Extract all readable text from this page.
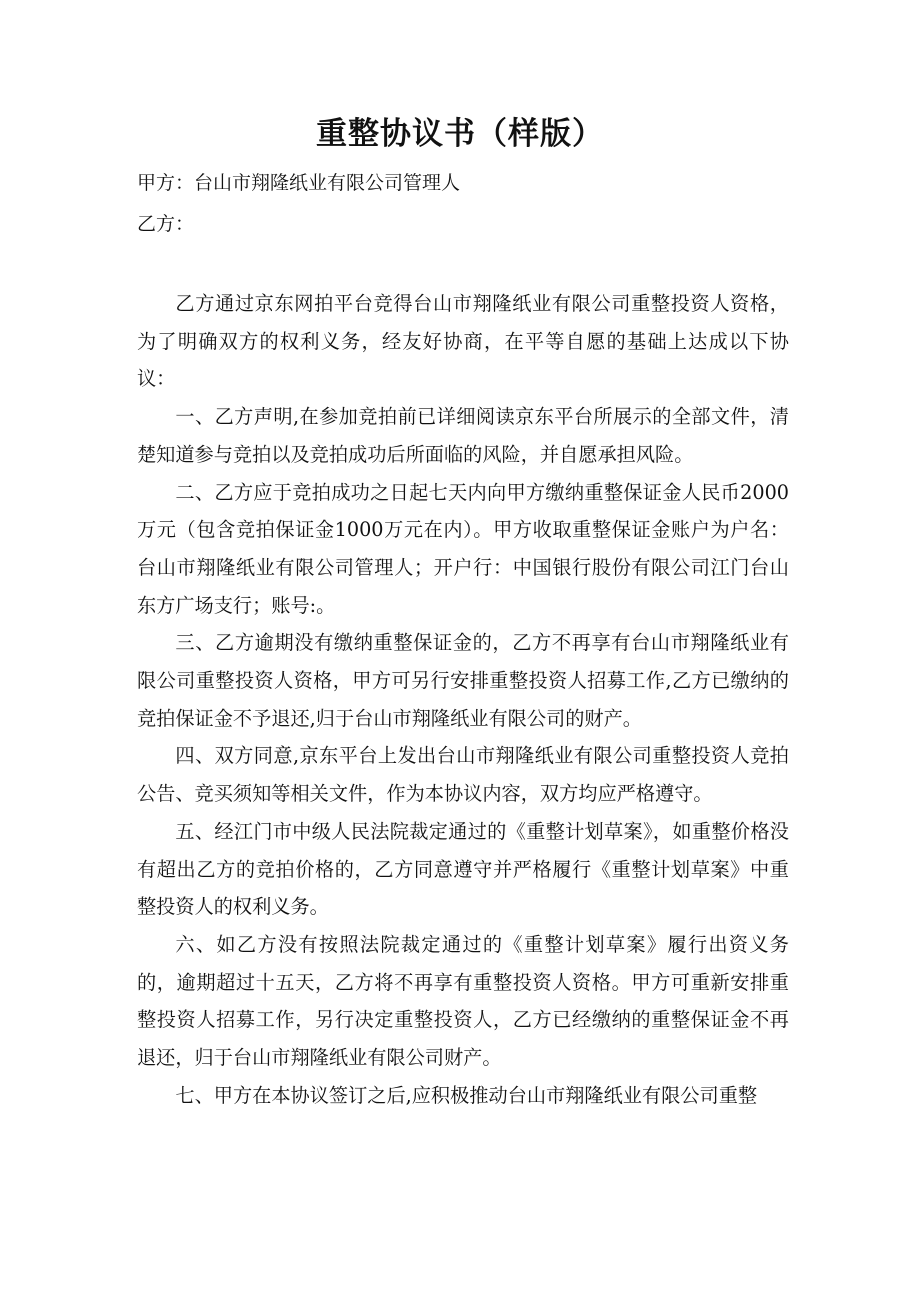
重整协议书（样版）

甲方：台山市翔隆纸业有限公司管理人

乙方：

乙方通过京东网拍平台竞得台山市翔隆纸业有限公司重整投资人资格，为了明确双方的权利义务，经友好协商，在平等自愿的基础上达成以下协议：

一、乙方声明,在参加竞拍前已详细阅读京东平台所展示的全部文件，清楚知道参与竞拍以及竞拍成功后所面临的风险，并自愿承担风险。

二、乙方应于竞拍成功之日起七天内向甲方缴纳重整保证金人民币2000万元（包含竞拍保证金1000万元在内）。甲方收取重整保证金账户为户名：台山市翔隆纸业有限公司管理人；开户行：中国银行股份有限公司江门台山东方广场支行；账号:。

三、乙方逾期没有缴纳重整保证金的，乙方不再享有台山市翔隆纸业有限公司重整投资人资格，甲方可另行安排重整投资人招募工作,乙方已缴纳的竞拍保证金不予退还,归于台山市翔隆纸业有限公司的财产。

四、双方同意,京东平台上发出台山市翔隆纸业有限公司重整投资人竞拍公告、竞买须知等相关文件，作为本协议内容，双方均应严格遵守。

五、经江门市中级人民法院裁定通过的《重整计划草案》，如重整价格没有超出乙方的竞拍价格的，乙方同意遵守并严格履行《重整计划草案》中重整投资人的权利义务。

六、如乙方没有按照法院裁定通过的《重整计划草案》履行出资义务的，逾期超过十五天，乙方将不再享有重整投资人资格。甲方可重新安排重整投资人招募工作，另行决定重整投资人，乙方已经缴纳的重整保证金不再退还，归于台山市翔隆纸业有限公司财产。

七、甲方在本协议签订之后,应积极推动台山市翔隆纸业有限公司重整
